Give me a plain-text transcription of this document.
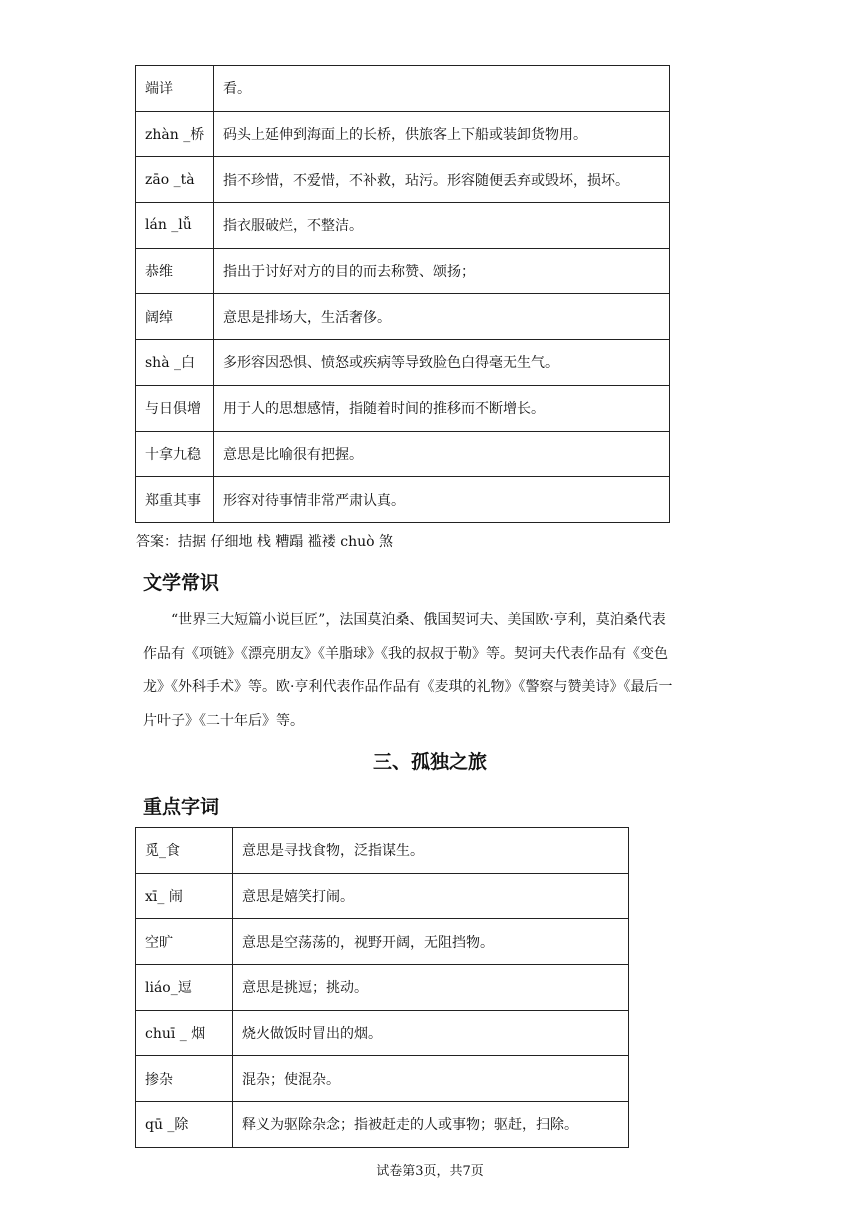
端详	看。
zhàn _桥	码头上延伸到海面上的长桥，供旅客上下船或装卸货物用。
zāo _tà	指不珍惜，不爱惜，不补救，玷污。形容随便丢弃或毁坏，损坏。
lán _lǚ	指衣服破烂，不整洁。
恭维	指出于讨好对方的目的而去称赞、颂扬；
阔绰	意思是排场大，生活奢侈。
shà _白	多形容因恐惧、愤怒或疾病等导致脸色白得毫无生气。
与日俱增	用于人的思想感情，指随着时间的推移而不断增长。
十拿九稳	意思是比喻很有把握。
郑重其事	形容对待事情非常严肃认真。
答案：拮据 仔细地 栈 糟蹋 褴褛 chuò 煞
文学常识

“世界三大短篇小说巨匠”，法国莫泊桑、俄国契诃夫、美国欧·亨利，莫泊桑代表

作品有《项链》《漂亮朋友》《羊脂球》《我的叔叔于勒》等。契诃夫代表作品有《变色

龙》《外科手术》等。欧·亨利代表作品作品有《麦琪的礼物》《警察与赞美诗》《最后一

片叶子》《二十年后》等。

三、孤独之旅
重点字词
觅_食	意思是寻找食物，泛指谋生。
xī_ 闹	意思是嬉笑打闹。
空旷	意思是空荡荡的，视野开阔，无阻挡物。
liáo_逗	意思是挑逗；挑动。
chuī _ 烟	烧火做饭时冒出的烟。
掺杂	混杂；使混杂。
qū _除	释义为驱除杂念；指被赶走的人或事物；驱赶，扫除。
试卷第3页，共7页
